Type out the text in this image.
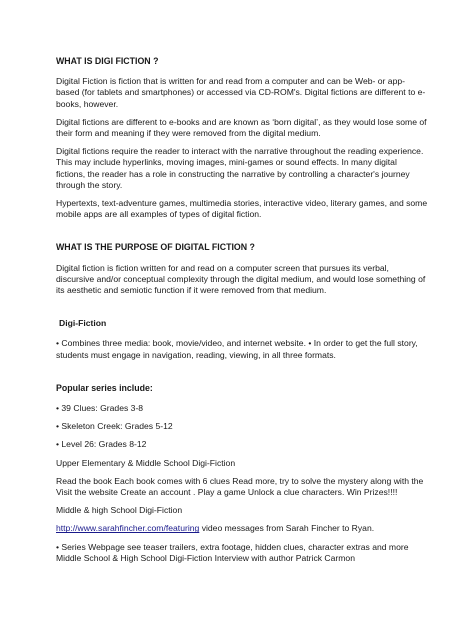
WHAT IS DIGI FICTION ?

Digital Fiction is fiction that is written for and read from a computer and can be Web- or app-based (for tablets and smartphones) or accessed via CD-ROM's. Digital fictions are different to e-books, however.

Digital fictions are different to e-books and are known as ‘born digital’, as they would lose some of their form and meaning if they were removed from the digital medium.

Digital fictions require the reader to interact with the narrative throughout the reading experience. This may include hyperlinks, moving images, mini-games or sound effects. In many digital fictions, the reader has a role in constructing the narrative by controlling a character's journey through the story.

Hypertexts, text-adventure games, multimedia stories, interactive video, literary games, and some mobile apps are all examples of types of digital fiction.

WHAT IS THE PURPOSE OF DIGITAL FICTION ?

Digital fiction is fiction written for and read on a computer screen that pursues its verbal, discursive and/or conceptual complexity through the digital medium, and would lose something of its aesthetic and semiotic function if it were removed from that medium.

Digi-Fiction

• Combines three media: book, movie/video, and internet website. • In order to get the full story, students must engage in navigation, reading, viewing, in all three formats.

Popular series include:

• 39 Clues: Grades 3-8

• Skeleton Creek: Grades 5-12

• Level 26: Grades 8-12

Upper Elementary & Middle School Digi-Fiction

Read the book Each book comes with 6 clues Read more, try to solve the mystery along with the Visit the website Create an account . Play a game Unlock a clue characters. Win Prizes!!!!

Middle & high School Digi-Fiction

http://www.sarahfincher.com/featuring video messages from Sarah Fincher to Ryan.

• Series Webpage see teaser trailers, extra footage, hidden clues, character extras and more Middle School & High School Digi-Fiction Interview with author Patrick Carmon
